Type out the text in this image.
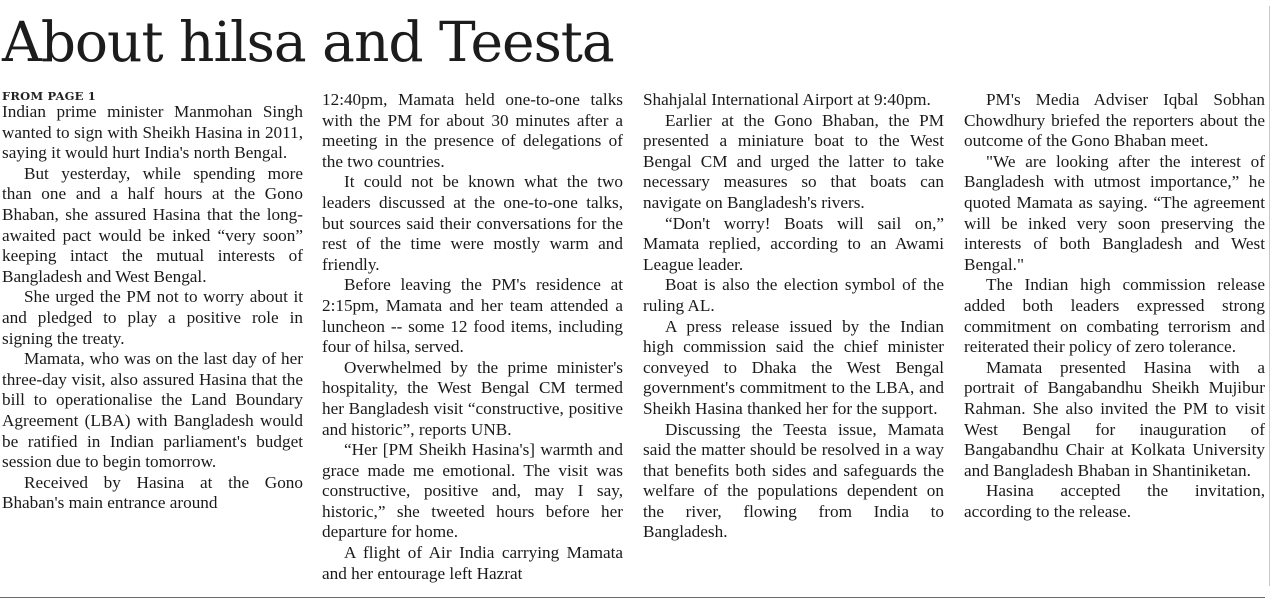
About hilsa and Teesta
FROM PAGE 1

Indian prime minister Manmohan Singh wanted to sign with Sheikh Hasina in 2011, saying it would hurt India's north Bengal.

But yesterday, while spending more than one and a half hours at the Gono Bhaban, she assured Hasina that the long-awaited pact would be inked “very soon” keeping intact the mutual interests of Bangladesh and West Bengal.

She urged the PM not to worry about it and pledged to play a positive role in signing the treaty.

Mamata, who was on the last day of her three-day visit, also assured Hasina that the bill to operationalise the Land Boundary Agreement (LBA) with Bangladesh would be ratified in Indian parliament's budget session due to begin tomorrow.

Received by Hasina at the Gono Bhaban's main entrance around

12:40pm, Mamata held one-to-one talks with the PM for about 30 minutes after a meeting in the presence of delegations of the two countries.

It could not be known what the two leaders discussed at the one-to-one talks, but sources said their conversations for the rest of the time were mostly warm and friendly.

Before leaving the PM's residence at 2:15pm, Mamata and her team attended a luncheon -- some 12 food items, including four of hilsa, served.

Overwhelmed by the prime minister's hospitality, the West Bengal CM termed her Bangladesh visit “constructive, positive and historic”, reports UNB.

“Her [PM Sheikh Hasina's] warmth and grace made me emotional. The visit was constructive, positive and, may I say, historic,” she tweeted hours before her departure for home.

A flight of Air India carrying Mamata and her entourage left Hazrat

Shahjalal International Airport at 9:40pm.

Earlier at the Gono Bhaban, the PM presented a miniature boat to the West Bengal CM and urged the latter to take necessary measures so that boats can navigate on Bangladesh's rivers.

“Don't worry! Boats will sail on,” Mamata replied, according to an Awami League leader.

Boat is also the election symbol of the ruling AL.

A press release issued by the Indian high commission said the chief minister conveyed to Dhaka the West Bengal government's commitment to the LBA, and Sheikh Hasina thanked her for the support.

Discussing the Teesta issue, Mamata said the matter should be resolved in a way that benefits both sides and safeguards the welfare of the populations dependent on the river, flowing from India to Bangladesh.

PM's Media Adviser Iqbal Sobhan Chowdhury briefed the reporters about the outcome of the Gono Bhaban meet.

"We are looking after the interest of Bangladesh with utmost importance,” he quoted Mamata as saying. “The agreement will be inked very soon preserving the interests of both Bangladesh and West Bengal."

The Indian high commission release added both leaders expressed strong commitment on combating terrorism and reiterated their policy of zero tolerance.

Mamata presented Hasina with a portrait of Bangabandhu Sheikh Mujibur Rahman. She also invited the PM to visit West Bengal for inauguration of Bangabandhu Chair at Kolkata University and Bangladesh Bhaban in Shantiniketan.

Hasina accepted the invitation, according to the release.
